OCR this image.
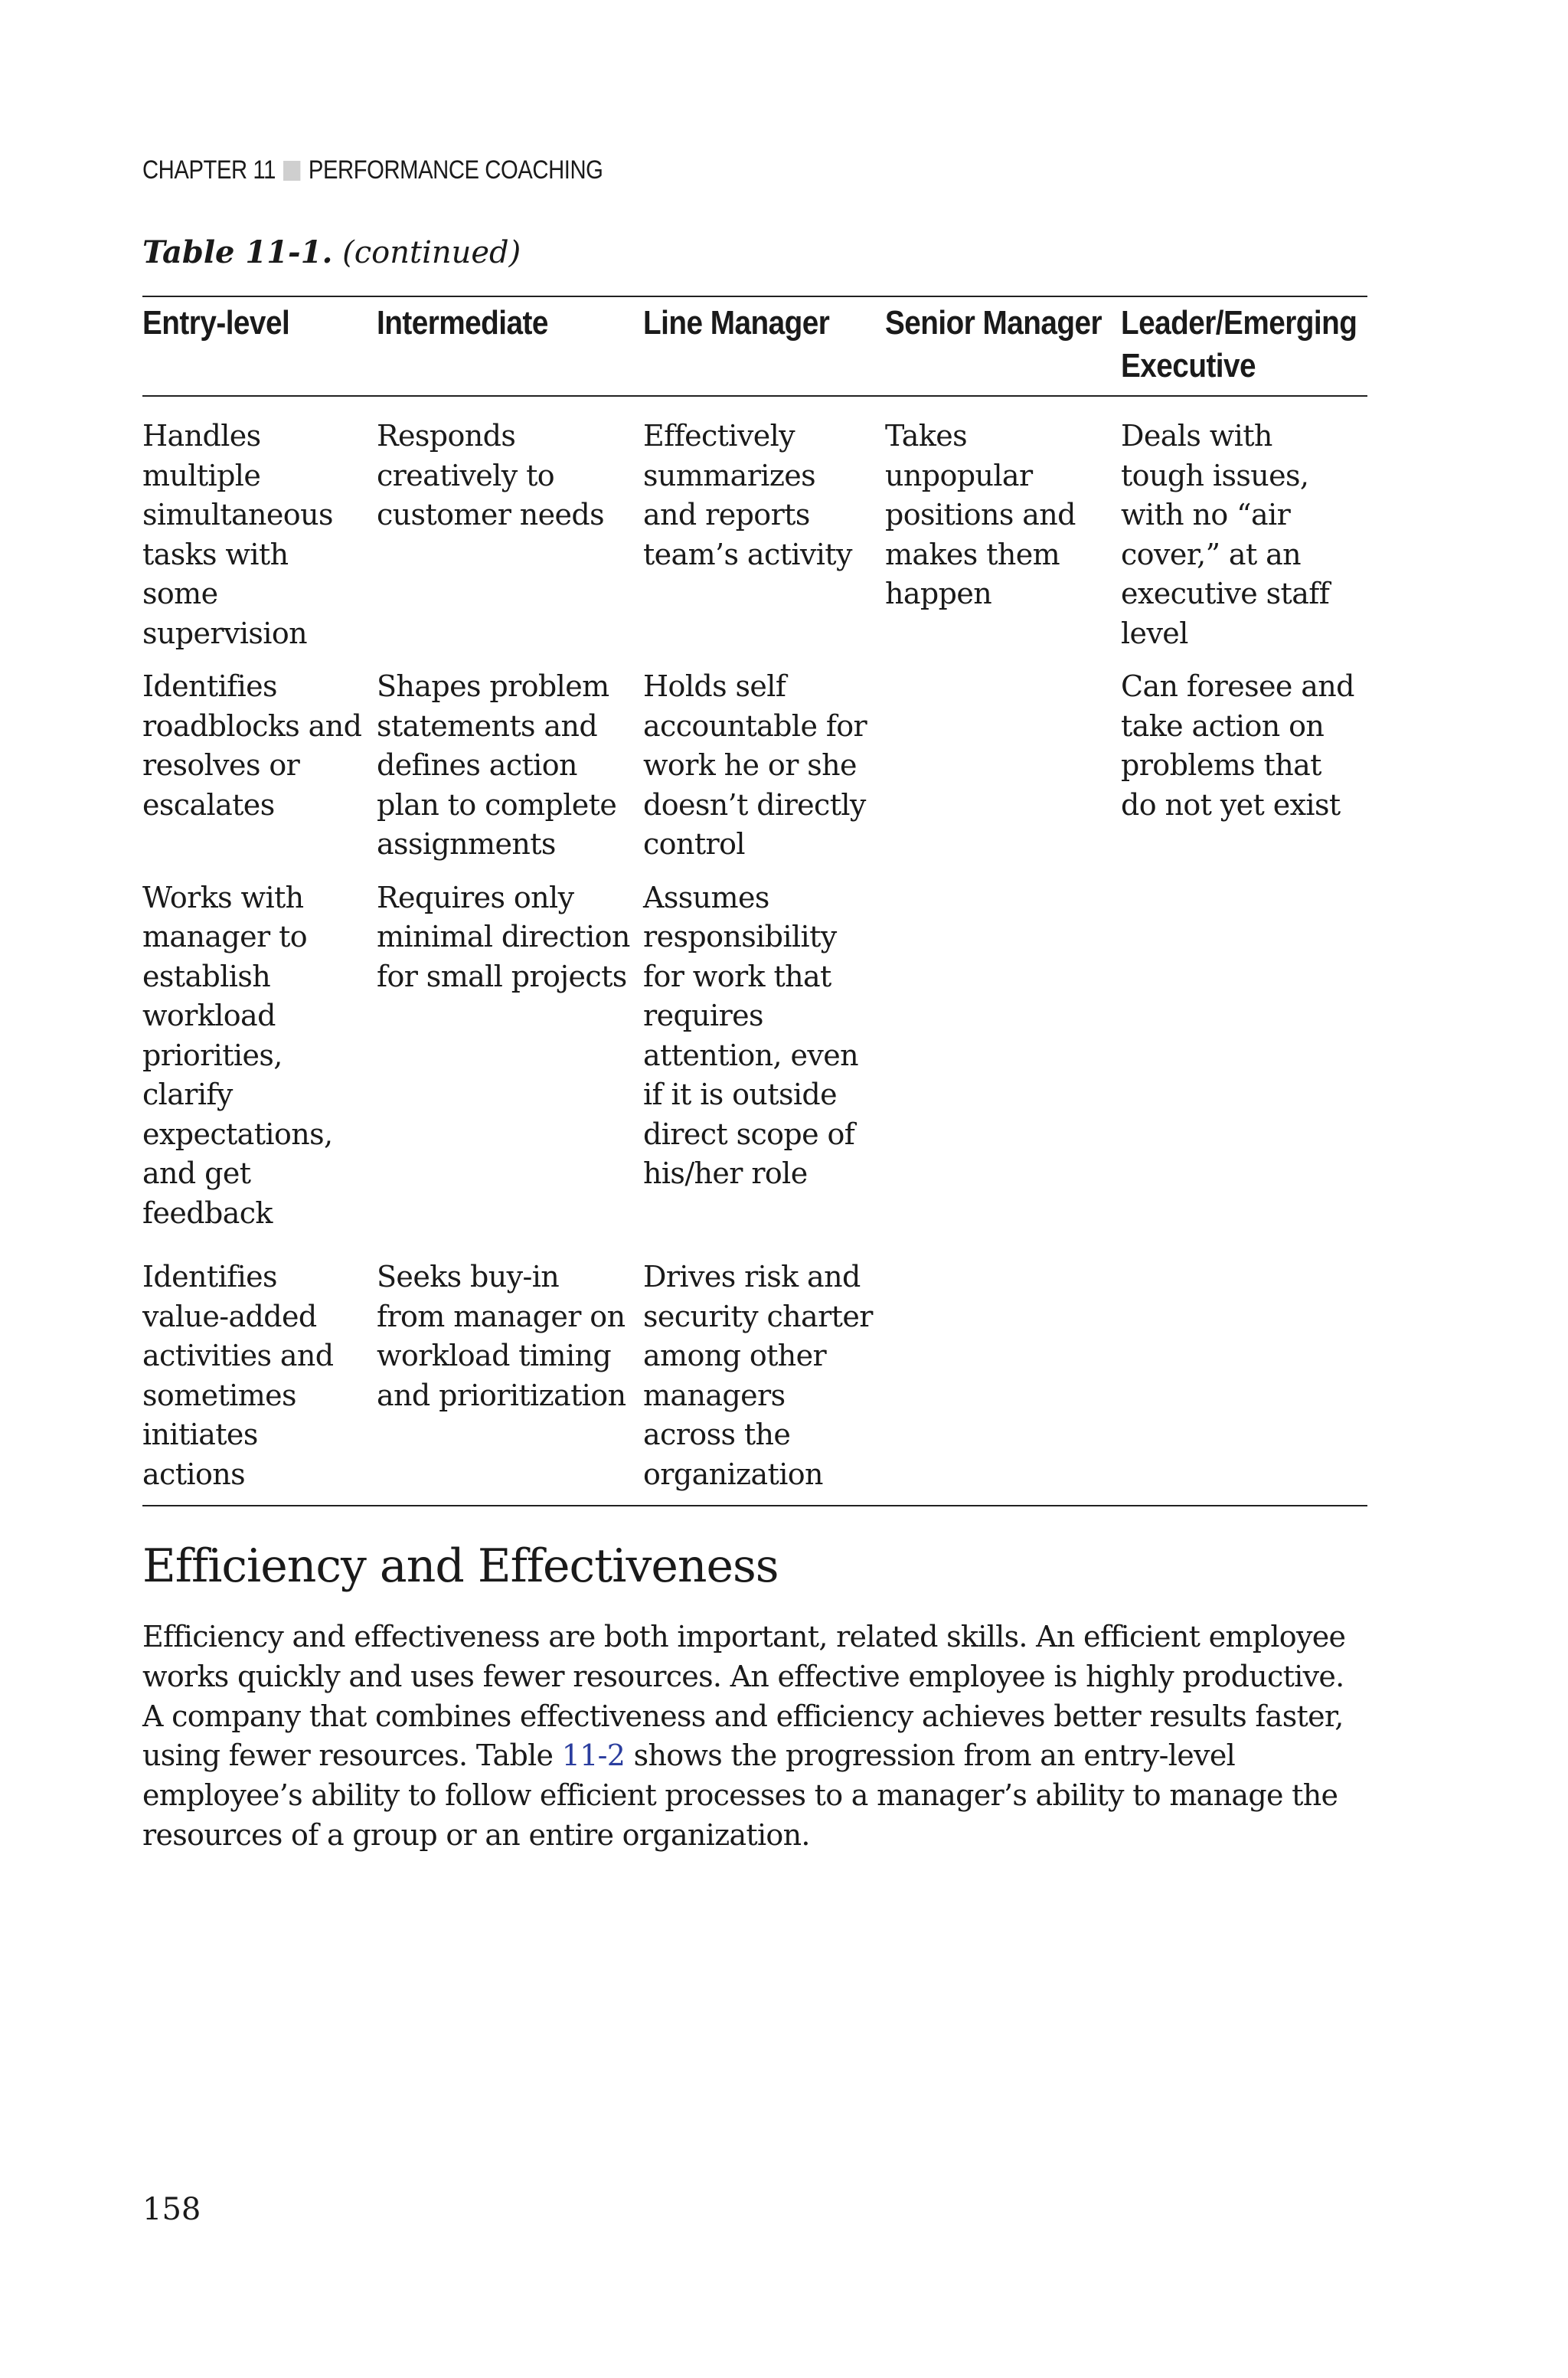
CHAPTER 11 PERFORMANCE COACHING
Table 11-1. (continued)
Entry-level	Intermediate	Line Manager	Senior Manager	Leader/Emerging Executive
Handles multiple simultaneous tasks with some supervision	Responds creatively to customer needs	Effectively summarizes and reports team’s activity	Takes unpopular positions and makes them happen	Deals with tough issues, with no “air cover,” at an executive staff level
Identifies roadblocks and resolves or escalates	Shapes problem statements and defines action plan to complete assignments	Holds self accountable for work he or she doesn’t directly control		Can foresee and take action on problems that do not yet exist
Works with manager to establish workload priorities, clarify expectations, and get feedback	Requires only minimal direction for small projects	Assumes responsibility for work that requires attention, even if it is outside direct scope of his/her role		
Identifies value-added activities and sometimes initiates actions	Seeks buy-in from manager on workload timing and prioritization	Drives risk and security charter among other managers across the organization		
Efficiency and Effectiveness

Efficiency and effectiveness are both important, related skills. An efficient employee works quickly and uses fewer resources. An effective employee is highly productive. A company that combines effectiveness and efficiency achieves better results faster, using fewer resources. Table 11-2 shows the progression from an entry-level employee’s ability to follow efficient processes to a manager’s ability to manage the resources of a group or an entire organization.

158
